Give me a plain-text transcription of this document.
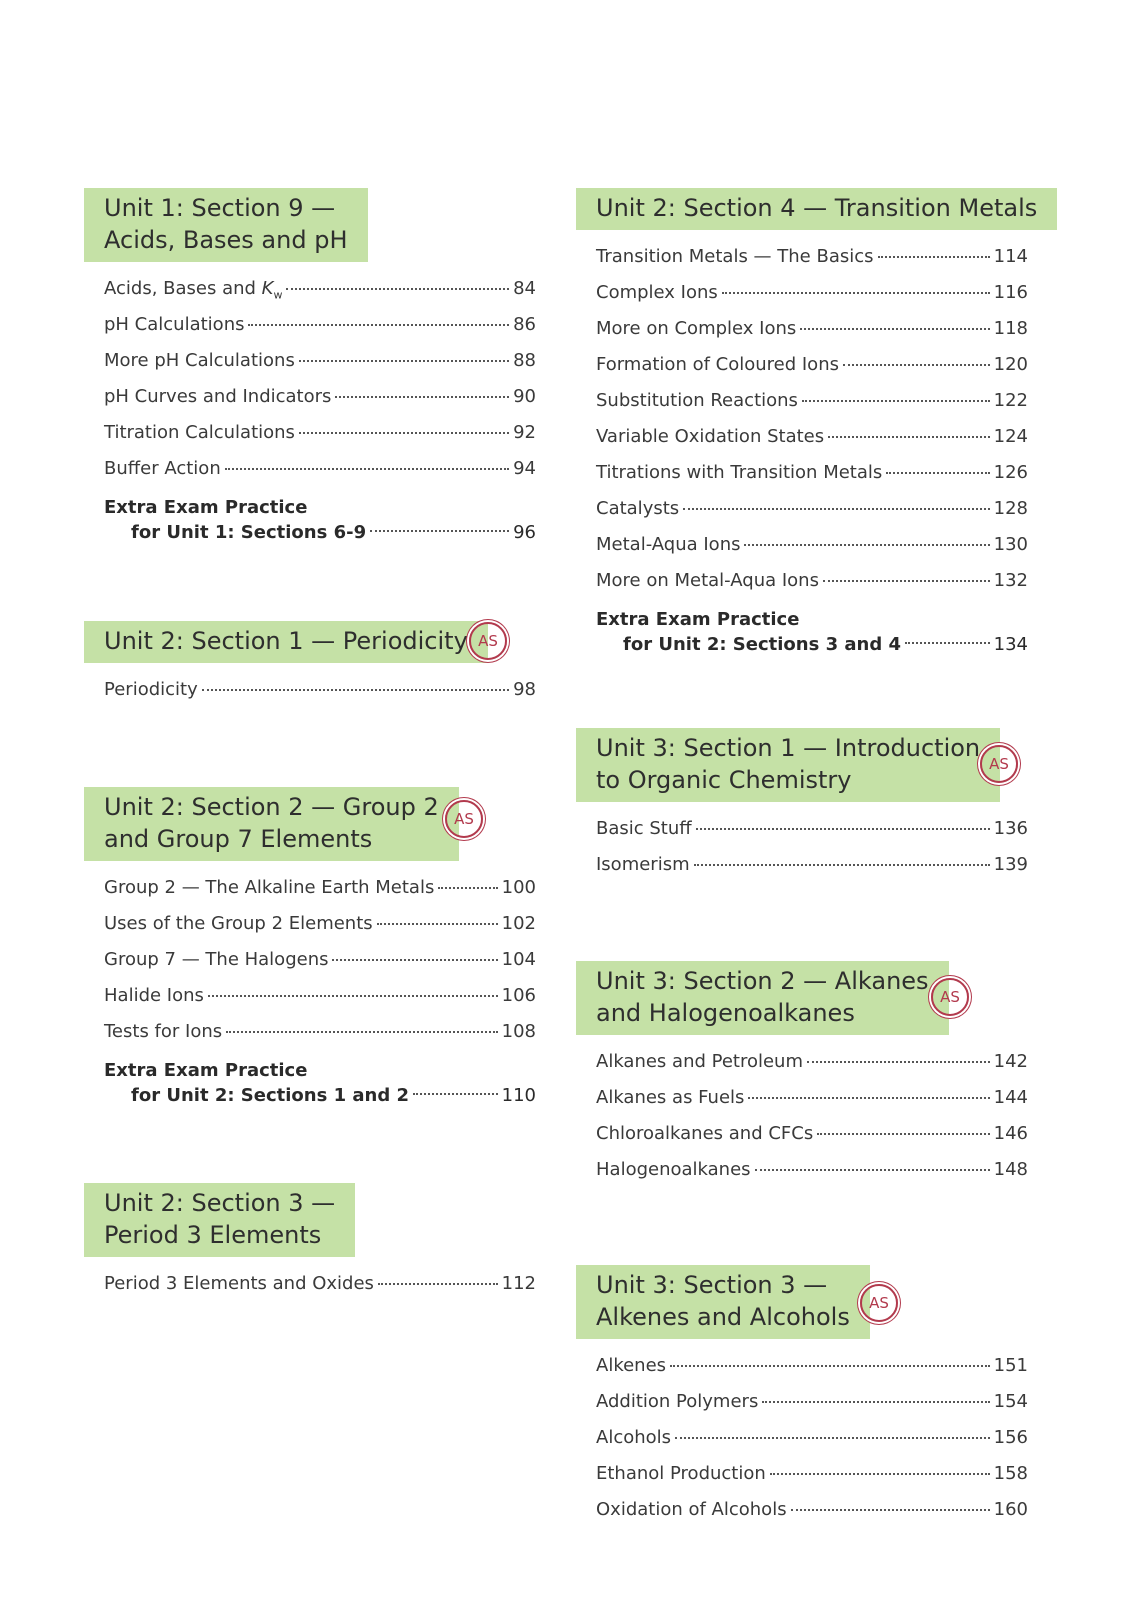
Unit 1: Section 9 —
Acids, Bases and pH
Acids, Bases and $K_w$	84
pH Calculations	86
More pH Calculations	88
pH Curves and Indicators	90
Titration Calculations	92
Buffer Action	94
Extra Exam Practice
for Unit 1: Sections 6-9	96
Unit 2: Section 1 — Periodicity AS
Periodicity	98
Unit 2: Section 2 — Group 2
and Group 7 Elements
AS
Group 2 — The Alkaline Earth Metals	100
Uses of the Group 2 Elements	102
Group 7 — The Halogens	104
Halide Ions	106
Tests for Ions	108
Extra Exam Practice
for Unit 2: Sections 1 and 2	110
Unit 2: Section 3 —
Period 3 Elements
Period 3 Elements and Oxides	112
Unit 2: Section 4 — Transition Metals
Transition Metals — The Basics	114
Complex Ions	116
More on Complex Ions	118
Formation of Coloured Ions	120
Substitution Reactions	122
Variable Oxidation States	124
Titrations with Transition Metals	126
Catalysts	128
Metal-Aqua Ions	130
More on Metal-Aqua Ions	132
Extra Exam Practice
for Unit 2: Sections 3 and 4	134
Unit 3: Section 1 — Introduction
to Organic Chemistry
AS
Basic Stuff	136
Isomerism	139
Unit 3: Section 2 — Alkanes
and Halogenoalkanes
AS
Alkanes and Petroleum	142
Alkanes as Fuels	144
Chloroalkanes and CFCs	146
Halogenoalkanes	148
Unit 3: Section 3 —
Alkenes and Alcohols	AS
Alkenes	151
Addition Polymers	154
Alcohols	156
Ethanol Production	158
Oxidation of Alcohols	160
